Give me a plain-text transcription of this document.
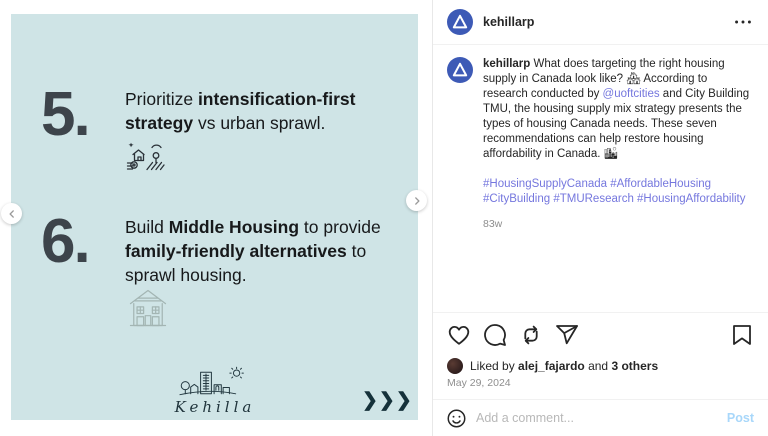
5. Prioritize intensification-first strategy vs urban sprawl.
6. Build Middle Housing to provide family-friendly alternatives to sprawl housing.
Kehilla	❯❯❯
kehillarp
kehillarp What does targeting the right housing supply in Canada look like? 🏘 According to research conducted by @uoftcities and City Building TMU, the housing supply mix strategy presents the types of housing Canada needs. These seven recommendations can help restore housing affordability in Canada. 🏙
#HousingSupplyCanada #AffordableHousing #CityBuilding #TMUResearch #HousingAffordability
83w
Liked by alej_fajardo and 3 others
May 29, 2024
Add a comment...
Post
